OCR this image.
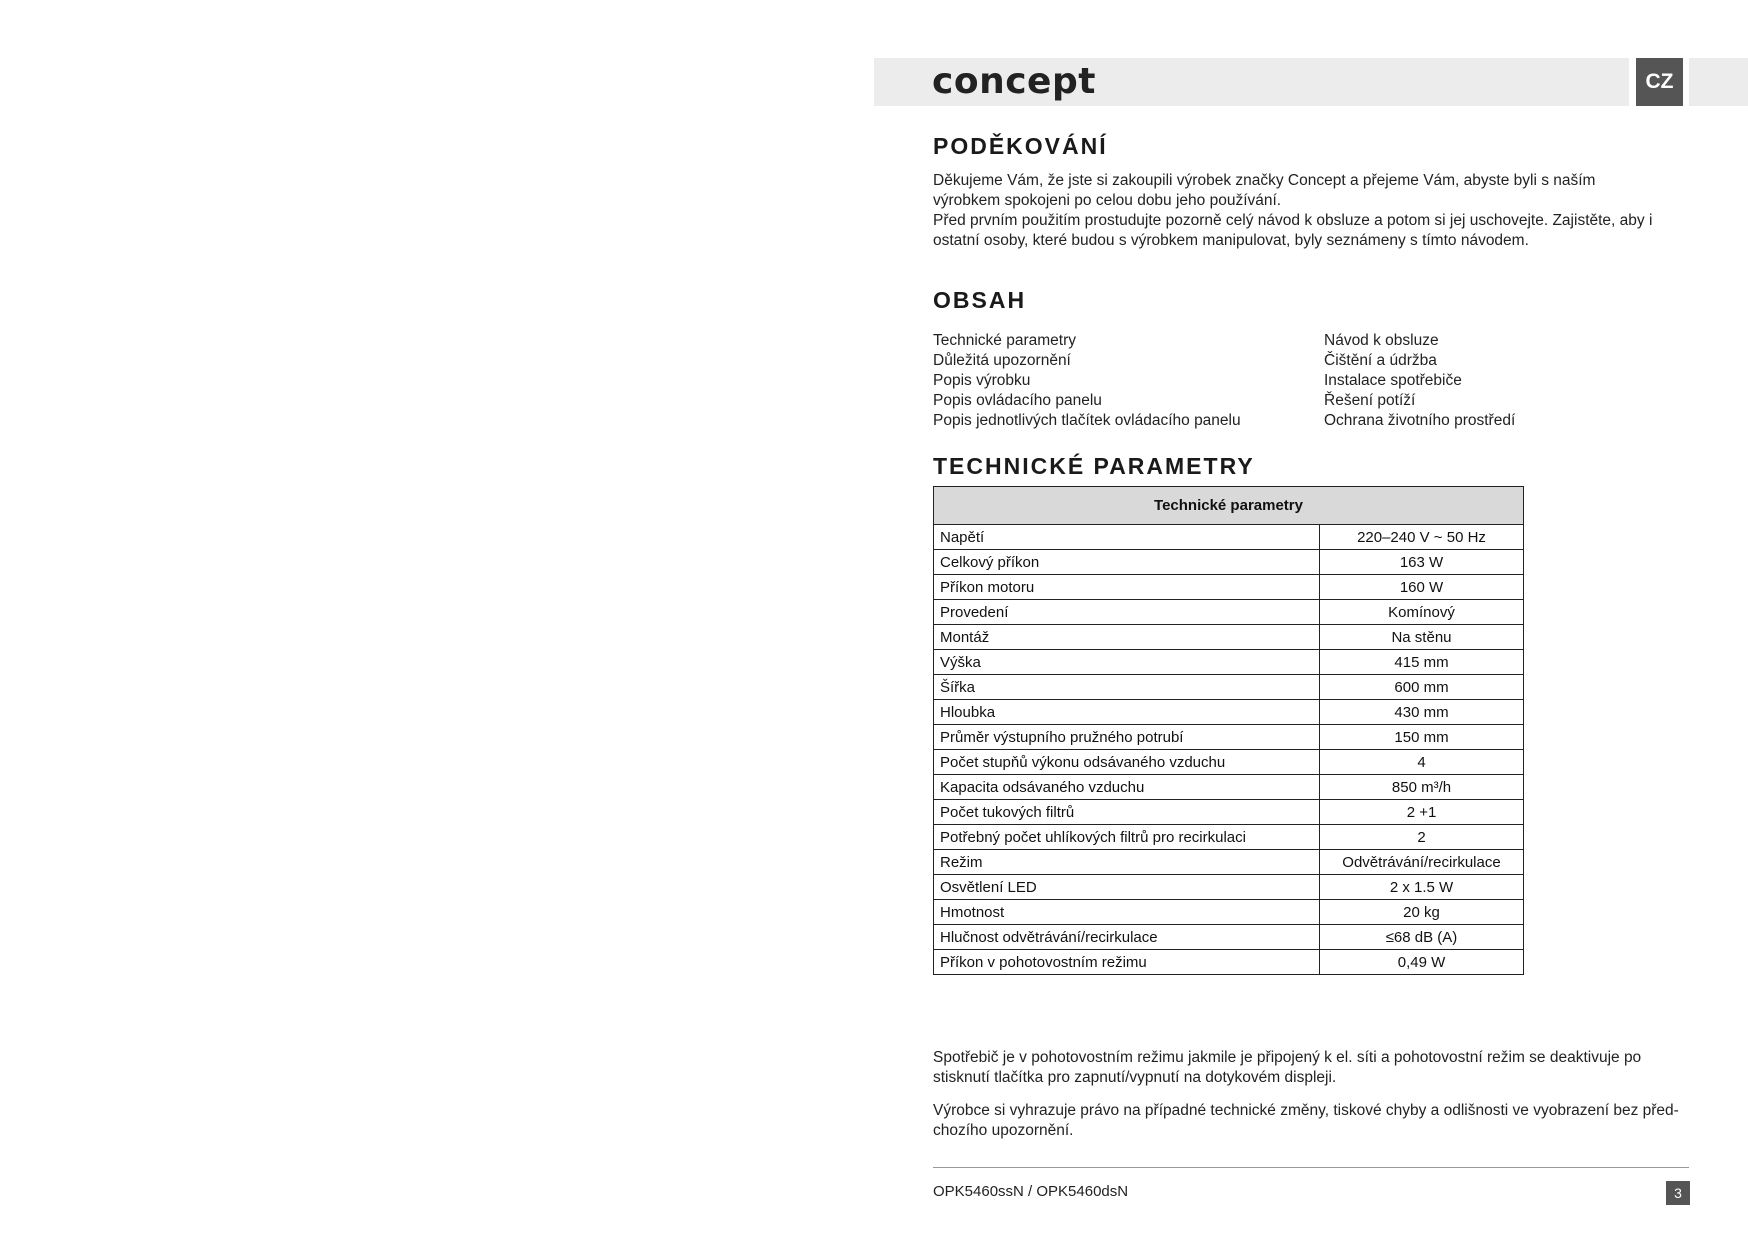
concept	CZ
PODĚKOVÁNÍ

Děkujeme Vám, že jste si zakoupili výrobek značky Concept a přejeme Vám, abyste byli s naším výrobkem spokojeni po celou dobu jeho používání.

Před prvním použitím prostudujte pozorně celý návod k obsluze a potom si jej uschovejte. Zajistěte, aby i ostatní osoby, které budou s výrobkem manipulovat, byly seznámeny s tímto návodem.

OBSAH
Technické parametry
Důležitá upozornění
Popis výrobku
Popis ovládacího panelu
Popis jednotlivých tlačítek ovládacího panelu
Návod k obsluze
Čištění a údržba
Instalace spotřebiče
Řešení potíží
Ochrana životního prostředí
TECHNICKÉ PARAMETRY
Technické parametry	
Napětí	220–240 V ~ 50 Hz
Celkový příkon	163 W
Příkon motoru	160 W
Provedení	Komínový
Montáž	Na stěnu
Výška	415 mm
Šířka	600 mm
Hloubka	430 mm
Průměr výstupního pružného potrubí	150 mm
Počet stupňů výkonu odsávaného vzduchu	4
Kapacita odsávaného vzduchu	850 m³/h
Počet tukových filtrů	2 +1
Potřebný počet uhlíkových filtrů pro recirkulaci	2
Režim	Odvětrávání/recirkulace
Osvětlení LED	2 x 1.5 W
Hmotnost	20 kg
Hlučnost odvětrávání/recirkulace	≤68 dB (A)
Příkon v pohotovostním režimu	0,49 W

Spotřebič je v pohotovostním režimu jakmile je připojený k el. síti a pohotovostní režim se deaktivuje po stisknutí tlačítka pro zapnutí/vypnutí na dotykovém displeji.

Výrobce si vyhrazuje právo na případné technické změny, tiskové chyby a odlišnosti ve vyobrazení bez před-chozího upozornění.

OPK5460ssN / OPK5460dsN	3
